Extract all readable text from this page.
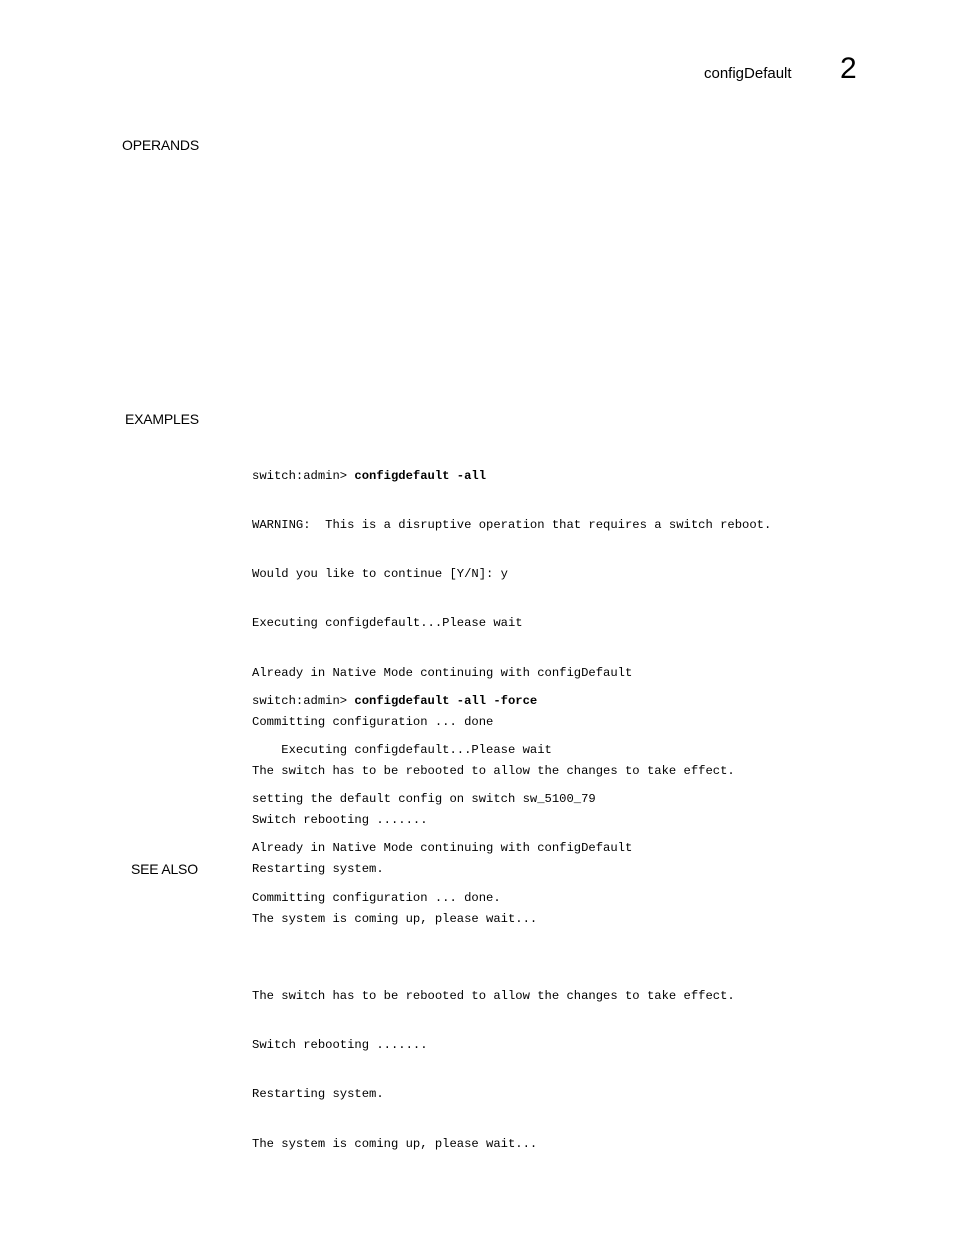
configDefault 2
OPERANDS
EXAMPLES
SEE ALSO

switch:admin> configdefault -all

WARNING:  This is a disruptive operation that requires a switch reboot.

Would you like to continue [Y/N]: y

Executing configdefault...Please wait

Already in Native Mode continuing with configDefault

Committing configuration ... done

The switch has to be rebooted to allow the changes to take effect.

Switch rebooting .......

Restarting system.

The system is coming up, please wait...

switch:admin> configdefault -all -force

Executing configdefault...Please wait

setting the default config on switch sw_5100_79

Already in Native Mode continuing with configDefault

Committing configuration ... done.

The switch has to be rebooted to allow the changes to take effect.

Switch rebooting .......

Restarting system.

The system is coming up, please wait...
